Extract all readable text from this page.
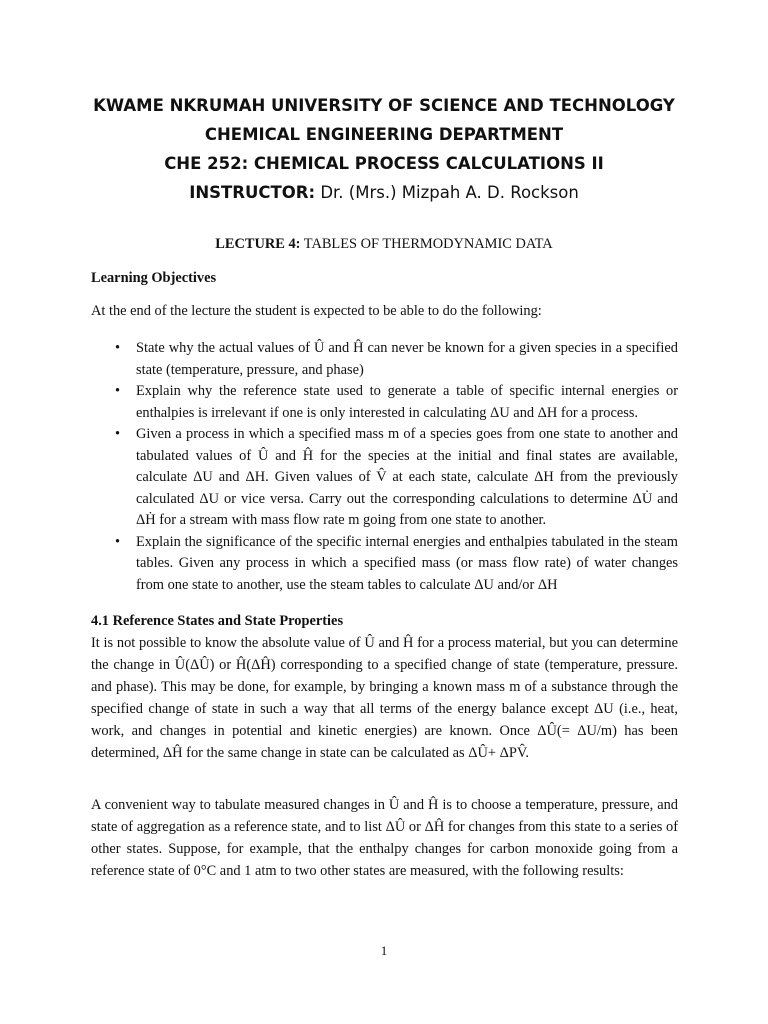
KWAME NKRUMAH UNIVERSITY OF SCIENCE AND TECHNOLOGY
CHEMICAL ENGINEERING DEPARTMENT
CHE 252: CHEMICAL PROCESS CALCULATIONS II
INSTRUCTOR: Dr. (Mrs.) Mizpah A. D. Rockson
LECTURE 4: TABLES OF THERMODYNAMIC DATA
Learning Objectives
At the end of the lecture the student is expected to be able to do the following:
• State why the actual values of Û and Ĥ can never be known for a given species in a specified state (temperature, pressure, and phase)
• Explain why the reference state used to generate a table of specific internal energies or enthalpies is irrelevant if one is only interested in calculating ΔU and ΔH for a process.
• Given a process in which a specified mass m of a species goes from one state to another and tabulated values of Û and Ĥ for the species at the initial and final states are available, calculate ΔU and ΔH. Given values of V̂ at each state, calculate ΔH from the previously calculated ΔU or vice versa. Carry out the corresponding calculations to determine ΔU̇ and ΔḢ for a stream with mass flow rate m going from one state to another.
• Explain the significance of the specific internal energies and enthalpies tabulated in the steam tables. Given any process in which a specified mass (or mass flow rate) of water changes from one state to another, use the steam tables to calculate ΔU and/or ΔH
4.1 Reference States and State Properties

It is not possible to know the absolute value of Û and Ĥ for a process material, but you can determine the change in Û(ΔÛ) or Ĥ(ΔĤ) corresponding to a specified change of state (temperature, pressure. and phase). This may be done, for example, by bringing a known mass m of a substance through the specified change of state in such a way that all terms of the energy balance except ΔU (i.e., heat, work, and changes in potential and kinetic energies) are known. Once ΔÛ(= ΔU/m) has been determined, ΔĤ for the same change in state can be calculated as ΔÛ+ ΔPV̂.

A convenient way to tabulate measured changes in Û and Ĥ is to choose a temperature, pressure, and state of aggregation as a reference state, and to list ΔÛ or ΔĤ for changes from this state to a series of other states. Suppose, for example, that the enthalpy changes for carbon monoxide going from a reference state of 0°C and 1 atm to two other states are measured, with the following results:

1
